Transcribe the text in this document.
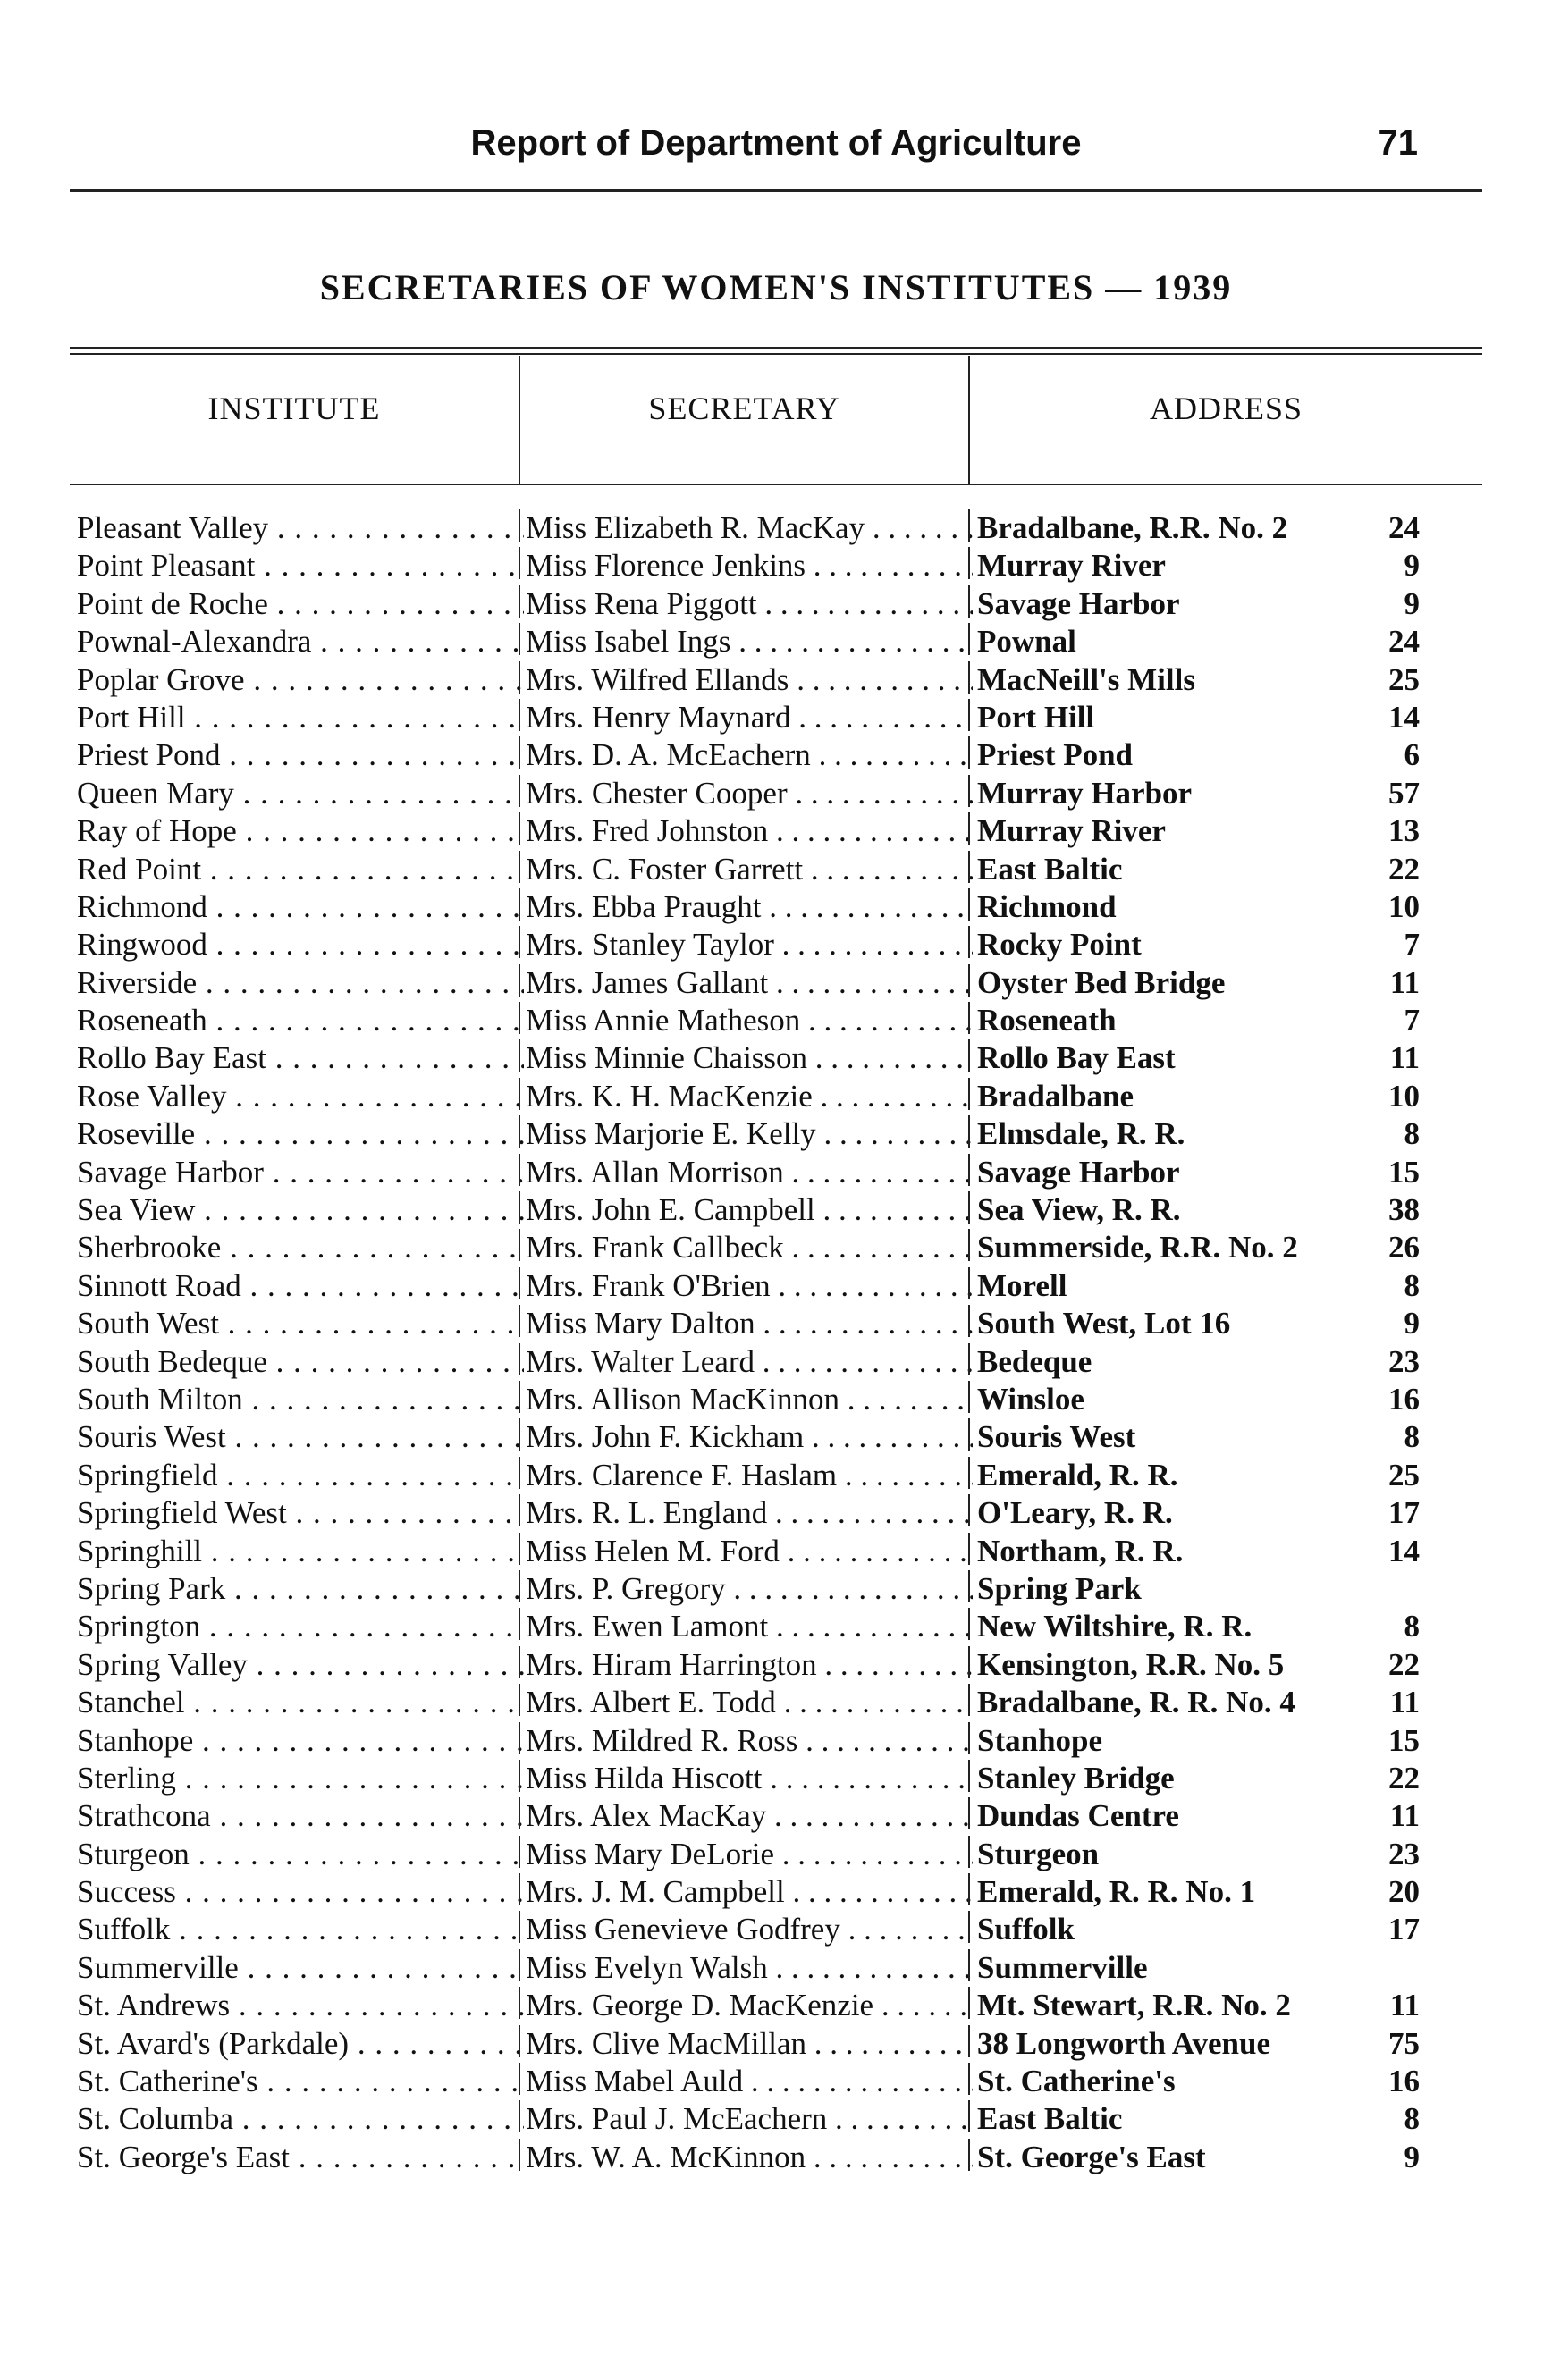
Report of Department of Agriculture	71
SECRETARIES OF WOMEN'S INSTITUTES — 1939
INSTITUTE	SECRETARY	ADDRESS
Pleasant Valley . . .	Miss Elizabeth R. MacKay . . .	Bradalbane, R.R. No. 2	24
Point Pleasant . . .	Miss Florence Jenkins . . .	Murray River	9
Point de Roche . . .	Miss Rena Piggott . . .	Savage Harbor	9
Pownal-Alexandra . . .	Miss Isabel Ings . . .	Pownal	24
Poplar Grove . . .	Mrs. Wilfred Ellands . . .	MacNeill's Mills	25
Port Hill . . .	Mrs. Henry Maynard . . .	Port Hill	14
Priest Pond . . .	Mrs. D. A. McEachern . . .	Priest Pond	6
Queen Mary . . .	Mrs. Chester Cooper . . .	Murray Harbor	57
Ray of Hope . . .	Mrs. Fred Johnston . . .	Murray River	13
Red Point . . .	Mrs. C. Foster Garrett . . .	East Baltic	22
Richmond . . .	Mrs. Ebba Praught . . .	Richmond	10
Ringwood . . .	Mrs. Stanley Taylor . . .	Rocky Point	7
Riverside . . .	Mrs. James Gallant . . .	Oyster Bed Bridge	11
Roseneath . . .	Miss Annie Matheson . . .	Roseneath	7
Rollo Bay East . . .	Miss Minnie Chaisson . . .	Rollo Bay East	11
Rose Valley . . .	Mrs. K. H. MacKenzie . . .	Bradalbane	10
Roseville . . .	Miss Marjorie E. Kelly . . .	Elmsdale, R. R.	8
Savage Harbor . . .	Mrs. Allan Morrison . . .	Savage Harbor	15
Sea View . . .	Mrs. John E. Campbell . . .	Sea View, R. R.	38
Sherbrooke . . .	Mrs. Frank Callbeck . . .	Summerside, R.R. No. 2	26
Sinnott Road . . .	Mrs. Frank O'Brien . . .	Morell	8
South West . . .	Miss Mary Dalton . . .	South West, Lot 16	9
South Bedeque . . .	Mrs. Walter Leard . . .	Bedeque	23
South Milton . . .	Mrs. Allison MacKinnon . . .	Winsloe	16
Souris West . . .	Mrs. John F. Kickham . . .	Souris West	8
Springfield . . .	Mrs. Clarence F. Haslam . . .	Emerald, R. R.	25
Springfield West . . .	Mrs. R. L. England . . .	O'Leary, R. R.	17
Springhill . . .	Miss Helen M. Ford . . .	Northam, R. R.	14
Spring Park . . .	Mrs. P. Gregory . . .	Spring Park
Springton . . .	Mrs. Ewen Lamont . . .	New Wiltshire, R. R.	8
Spring Valley . . .	Mrs. Hiram Harrington . . .	Kensington, R.R. No. 5	22
Stanchel . . .	Mrs. Albert E. Todd . . .	Bradalbane, R. R. No. 4	11
Stanhope . . .	Mrs. Mildred R. Ross . . .	Stanhope	15
Sterling . . .	Miss Hilda Hiscott . . .	Stanley Bridge	22
Strathcona . . .	Mrs. Alex MacKay . . .	Dundas Centre	11
Sturgeon . . .	Miss Mary DeLorie . . .	Sturgeon	23
Success . . .	Mrs. J. M. Campbell . . .	Emerald, R. R. No. 1	20
Suffolk . . .	Miss Genevieve Godfrey . . .	Suffolk	17
Summerville . . .	Miss Evelyn Walsh . . .	Summerville
St. Andrews . . .	Mrs. George D. MacKenzie . . .	Mt. Stewart, R.R. No. 2	11
St. Avard's (Parkdale) . . .	Mrs. Clive MacMillan . . .	38 Longworth Avenue	75
St. Catherine's . . .	Miss Mabel Auld . . .	St. Catherine's	16
St. Columba . . .	Mrs. Paul J. McEachern . . .	East Baltic	8
St. George's East . . .	Mrs. W. A. McKinnon . . .	St. George's East	9
